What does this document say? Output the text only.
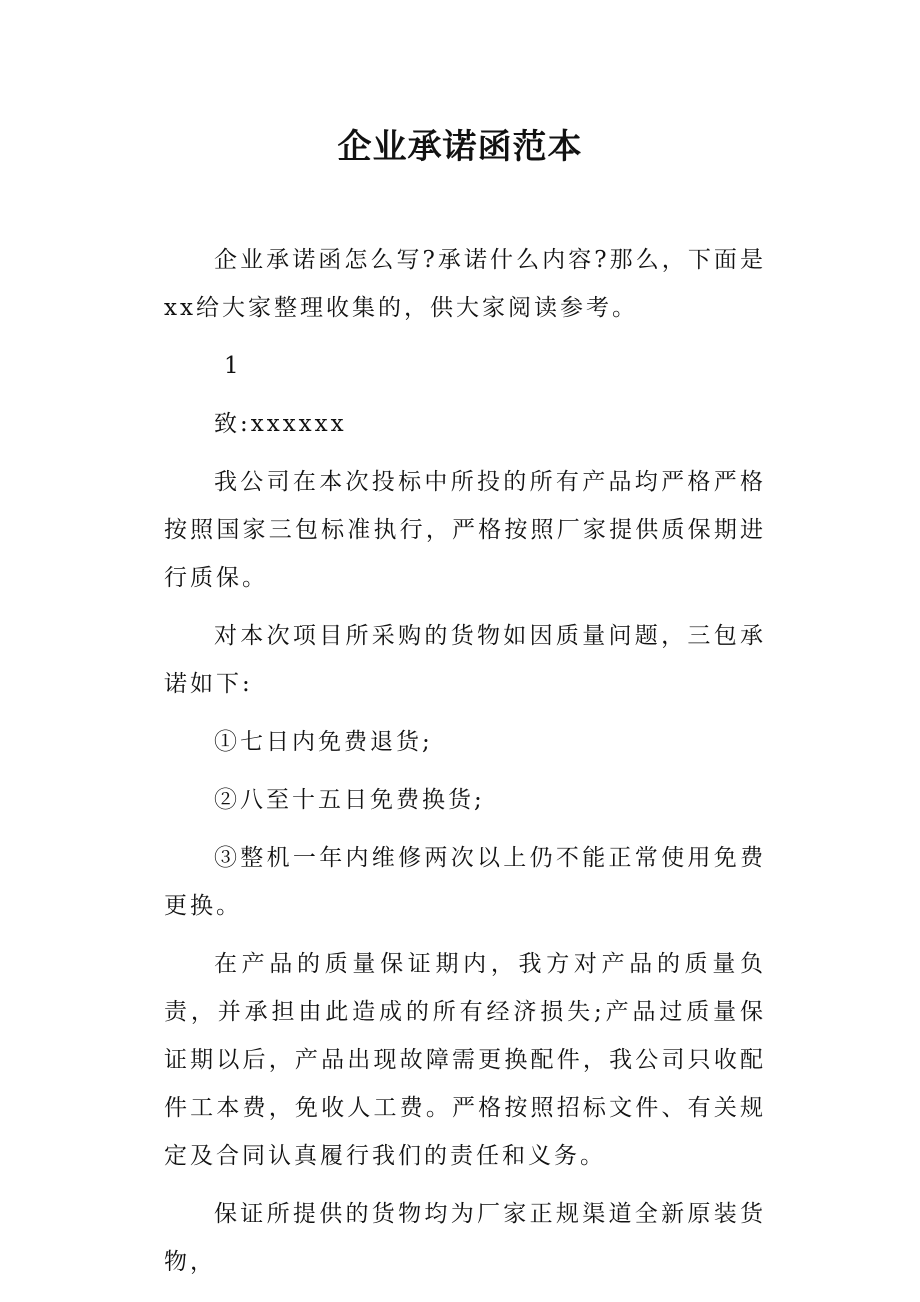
企业承诺函范本

企业承诺函怎么写?承诺什么内容?那么，下面是xx给大家整理收集的，供大家阅读参考。

1

致:xxxxxx

我公司在本次投标中所投的所有产品均严格严格按照国家三包标准执行，严格按照厂家提供质保期进行质保。

对本次项目所采购的货物如因质量问题，三包承诺如下:

①七日内免费退货;

②八至十五日免费换货;

③整机一年内维修两次以上仍不能正常使用免费更换。

在产品的质量保证期内，我方对产品的质量负责，并承担由此造成的所有经济损失;产品过质量保证期以后，产品出现故障需更换配件，我公司只收配件工本费，免收人工费。严格按照招标文件、有关规定及合同认真履行我们的责任和义务。

保证所提供的货物均为厂家正规渠道全新原装货物，
